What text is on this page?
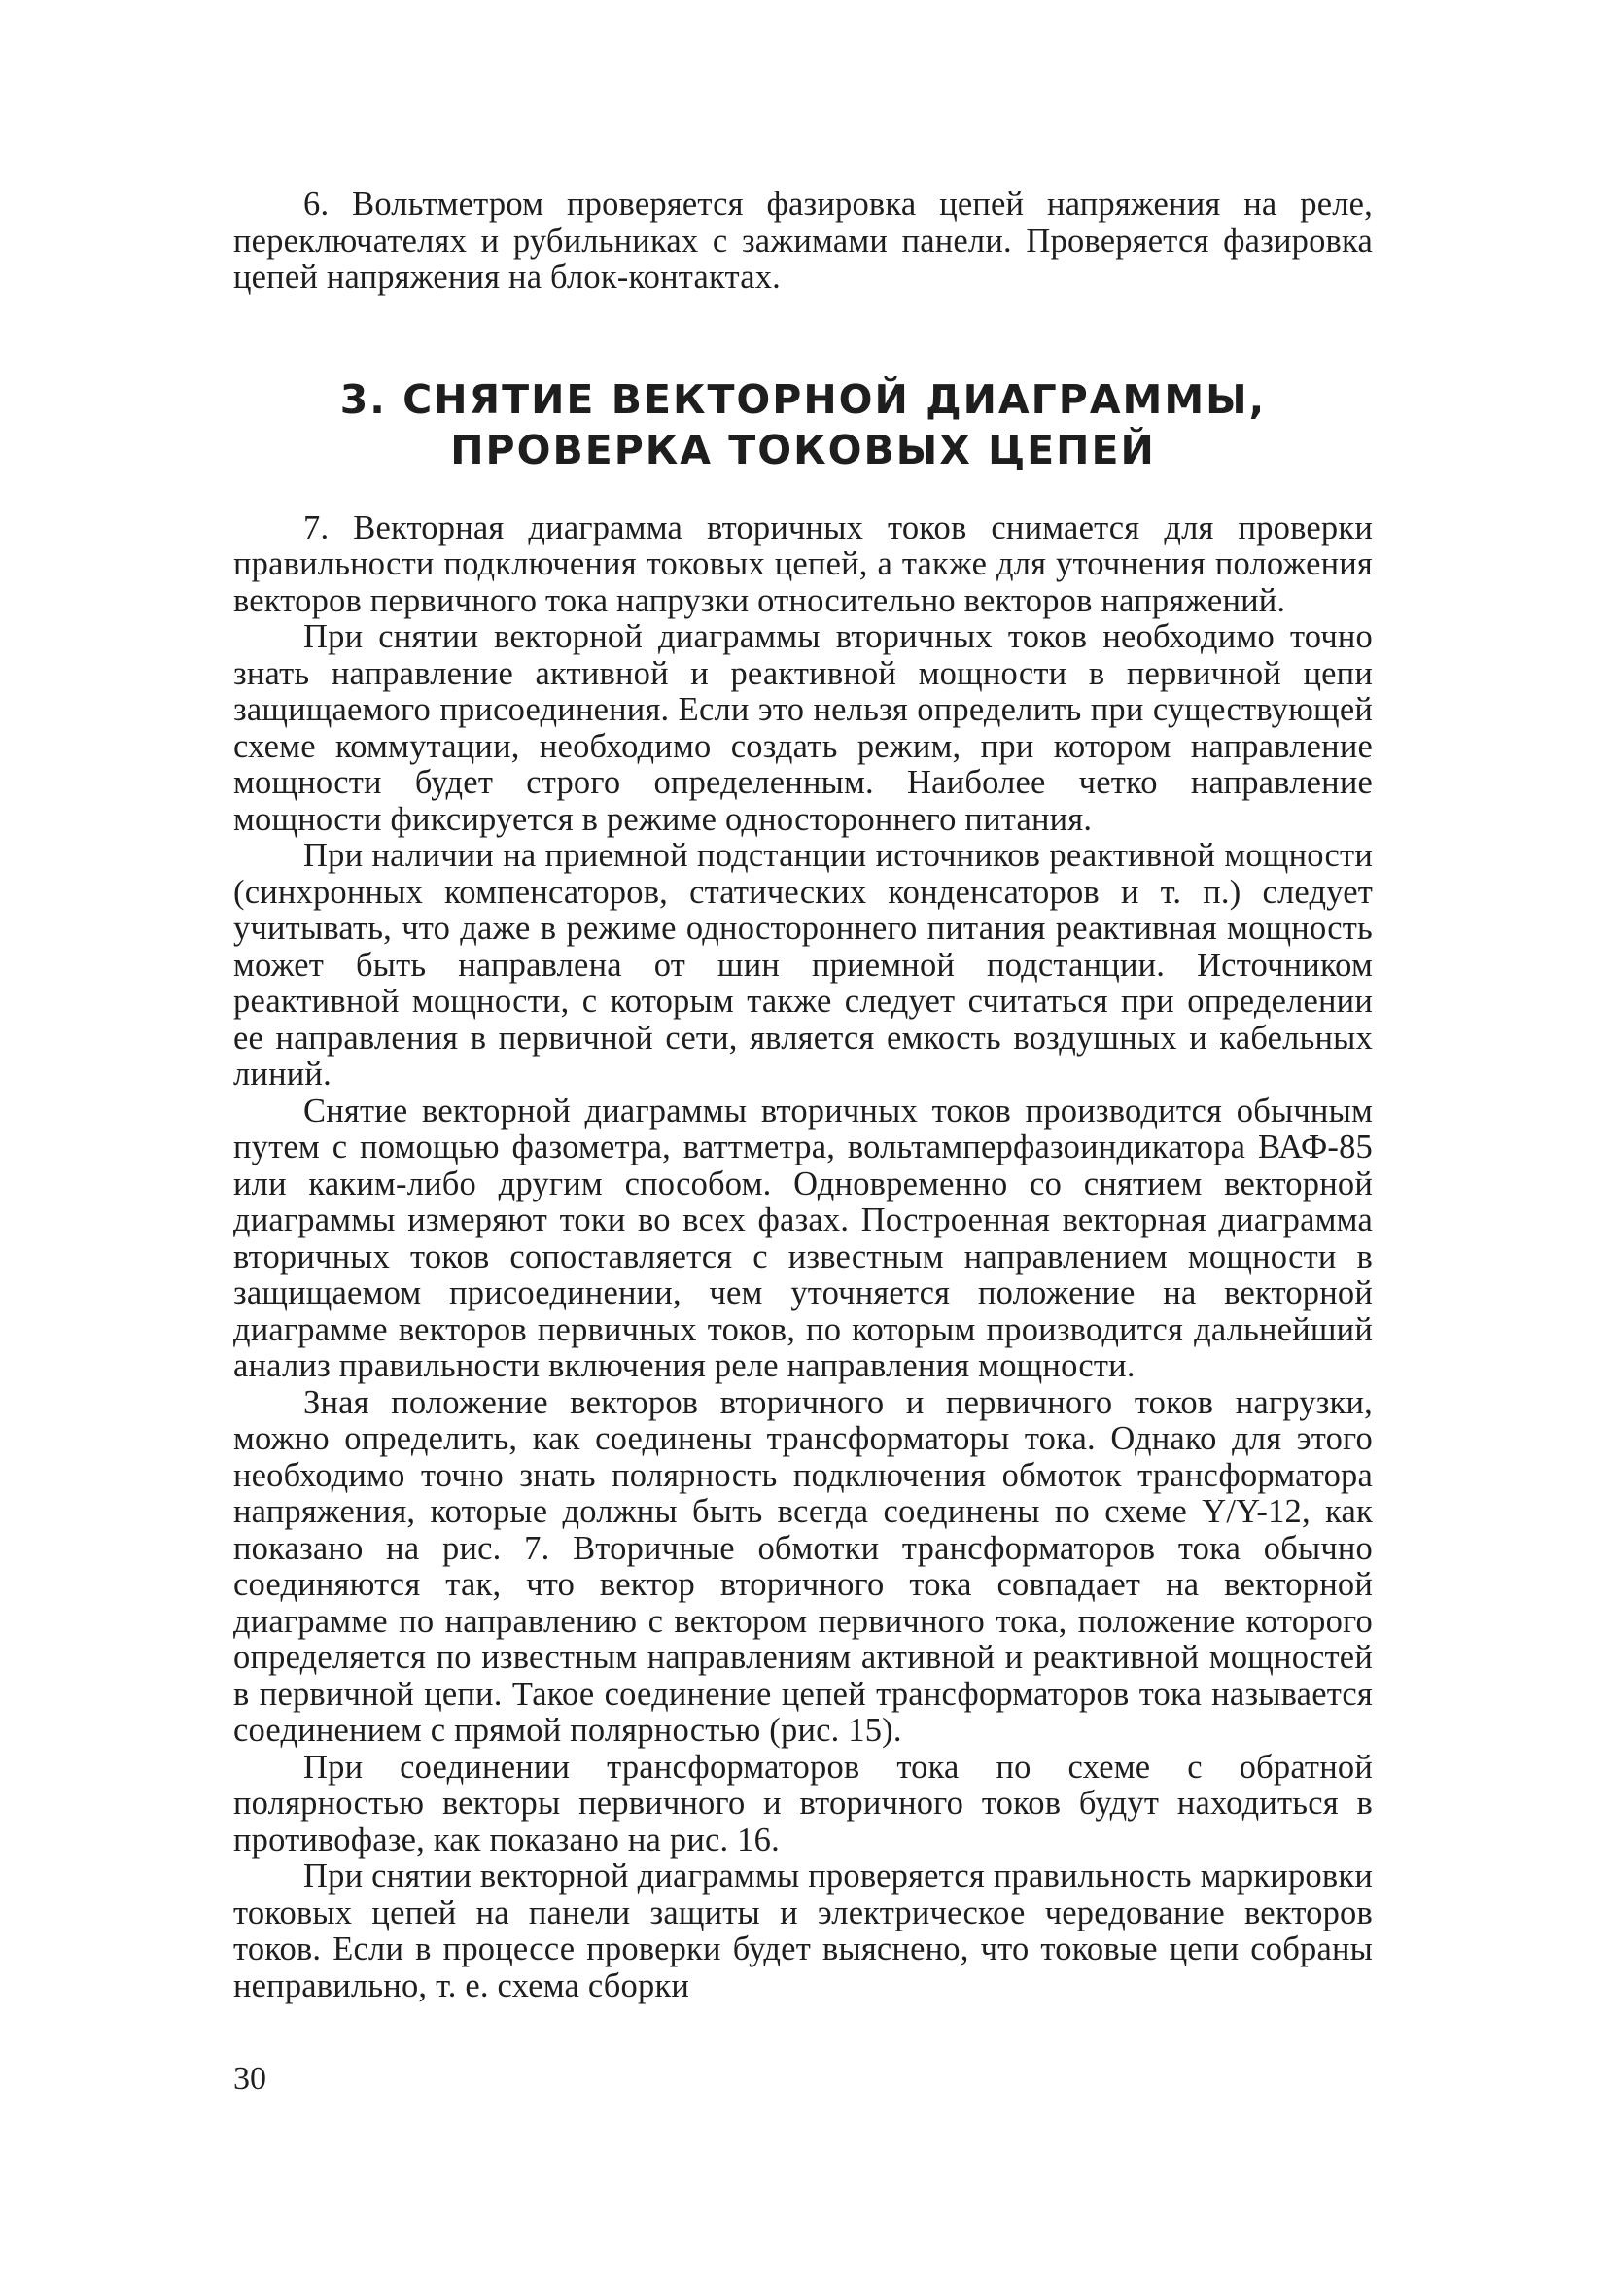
6. Вольтметром проверяется фазировка цепей напряжения на реле, переключателях и рубильниках с зажимами панели. Проверяется фазировка цепей напряжения на блок-контактах.

3. СНЯТИЕ ВЕКТОРНОЙ ДИАГРАММЫ, ПРОВЕРКА ТОКОВЫХ ЦЕПЕЙ

7. Векторная диаграмма вторичных токов снимается для проверки правильности подключения токовых цепей, а также для уточнения положения векторов первичного тока напрузки относительно векторов напряжений.

При снятии векторной диаграммы вторичных токов необходимо точно знать направление активной и реактивной мощности в первичной цепи защищаемого присоединения. Если это нельзя определить при существующей схеме коммутации, необходимо создать режим, при котором направление мощности будет строго определенным. Наиболее четко направление мощности фиксируется в режиме одностороннего питания.

При наличии на приемной подстанции источников реактивной мощности (синхронных компенсаторов, статических конденсаторов и т. п.) следует учитывать, что даже в режиме одностороннего питания реактивная мощность может быть направлена от шин приемной подстанции. Источником реактивной мощности, с которым также следует считаться при определении ее направления в первичной сети, является емкость воздушных и кабельных линий.

Снятие векторной диаграммы вторичных токов производится обычным путем с помощью фазометра, ваттметра, вольтамперфазоиндикатора ВАФ-85 или каким-либо другим способом. Одновременно со снятием векторной диаграммы измеряют токи во всех фазах. Построенная векторная диаграмма вторичных токов сопоставляется с известным направлением мощности в защищаемом присоединении, чем уточняется положение на векторной диаграмме векторов первичных токов, по которым производится дальнейший анализ правильности включения реле направления мощности.

Зная положение векторов вторичного и первичного токов нагрузки, можно определить, как соединены трансформаторы тока. Однако для этого необходимо точно знать полярность подключения обмоток трансформатора напряжения, которые должны быть всегда соединены по схеме Y/Y-12, как показано на рис. 7. Вторичные обмотки трансформаторов тока обычно соединяются так, что вектор вторичного тока совпадает на векторной диаграмме по направлению с вектором первичного тока, положение которого определяется по известным направлениям активной и реактивной мощностей в первичной цепи. Такое соединение цепей трансформаторов тока называется соединением с прямой полярностью (рис. 15).

При соединении трансформаторов тока по схеме с обратной полярностью векторы первичного и вторичного токов будут находиться в противофазе, как показано на рис. 16.

При снятии векторной диаграммы проверяется правильность маркировки токовых цепей на панели защиты и электрическое чередование векторов токов. Если в процессе проверки будет выяснено, что токовые цепи собраны неправильно, т. е. схема сборки

30
